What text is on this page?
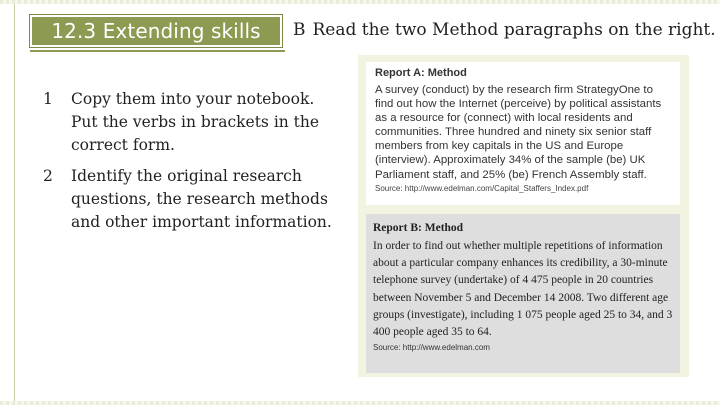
12.3 Extending skills B Read the two Method paragraphs on the right.
1	Copy them into your notebook. Put the verbs in brackets in the correct form.
2	Identify the original research questions, the research methods and other important information.
Report A: Method
A survey (conduct) by the research firm StrategyOne to find out how the Internet (perceive) by political assistants as a resource for (connect) with local residents and communities. Three hundred and ninety six senior staff members from key capitals in the US and Europe (interview). Approximately 34% of the sample (be) UK Parliament staff, and 25% (be) French Assembly staff.
Source: http://www.edelman.com/Capital_Staffers_Index.pdf
Report B: Method
In order to find out whether multiple repetitions of information about a particular company enhances its credibility, a 30-minute telephone survey (undertake) of 4 475 people in 20 countries between November 5 and December 14 2008. Two different age groups (investigate), including 1 075 people aged 25 to 34, and 3 400 people aged 35 to 64.
Source: http://www.edelman.com
